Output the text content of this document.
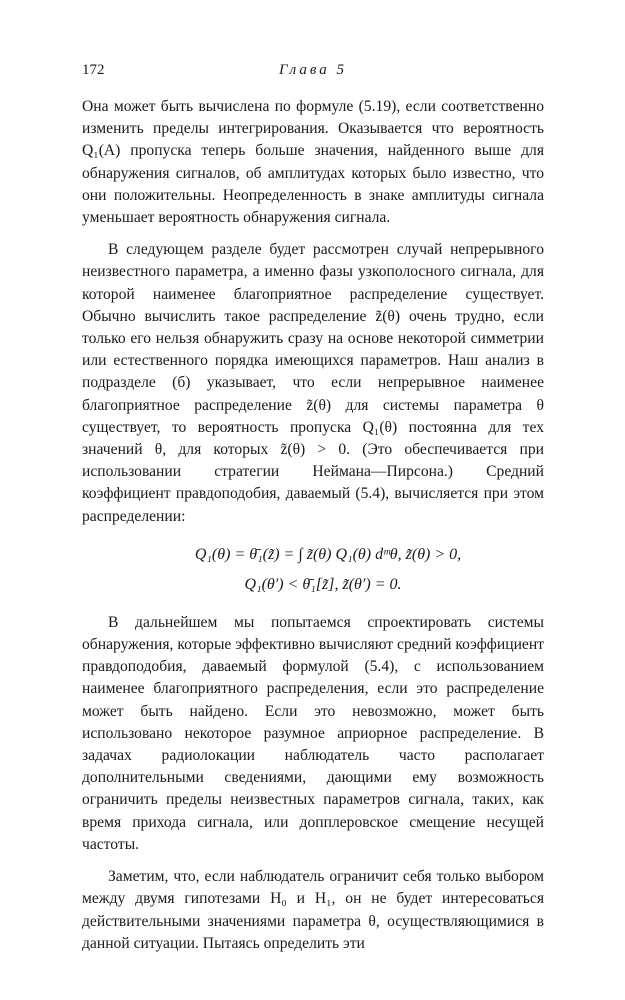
172	Глава 5

Она может быть вычислена по формуле (5.19), если соответственно изменить пределы интегрирования. Оказывается что вероятность Q₁(A) пропуска теперь больше значения, найденного выше для обнаружения сигналов, об амплитудах которых было известно, что они положительны. Неопределенность в знаке амплитуды сигнала уменьшает вероятность обнаружения сигнала.

В следующем разделе будет рассмотрен случай непрерывного неизвестного параметра, а именно фазы узкополосного сигнала, для которой наименее благоприятное распределение существует. Обычно вычислить такое распределение z̃(θ) очень трудно, если только его нельзя обнаружить сразу на основе некоторой симметрии или естественного порядка имеющихся параметров. Наш анализ в подразделе (б) указывает, что если непрерывное наименее благоприятное распределение z̃(θ) для системы параметра θ существует, то вероятность пропуска Q₁(θ) постоянна для тех значений θ, для которых z̃(θ) > 0. (Это обеспечивается при использовании стратегии Неймана—Пирсона.) Средний коэффициент правдоподобия, даваемый (5.4), вычисляется при этом распределении:

Q₁(θ) = θ̄₁(z̃) = ∫ z̃(θ) Q₁(θ) dᵐθ, z̃(θ) > 0,
Q₁(θ′) < θ̄₁[z̃], z̃(θ′) = 0.

В дальнейшем мы попытаемся спроектировать системы обнаружения, которые эффективно вычисляют средний коэффициент правдоподобия, даваемый формулой (5.4), с использованием наименее благоприятного распределения, если это распределение может быть найдено. Если это невозможно, может быть использовано некоторое разумное априорное распределение. В задачах радиолокации наблюдатель часто располагает дополнительными сведениями, дающими ему возможность ограничить пределы неизвестных параметров сигнала, таких, как время прихода сигнала, или допплеровское смещение несущей частоты.

Заметим, что, если наблюдатель ограничит себя только выбором между двумя гипотезами H₀ и H₁, он не будет интересоваться действительными значениями параметра θ, осуществляющимися в данной ситуации. Пытаясь определить эти
